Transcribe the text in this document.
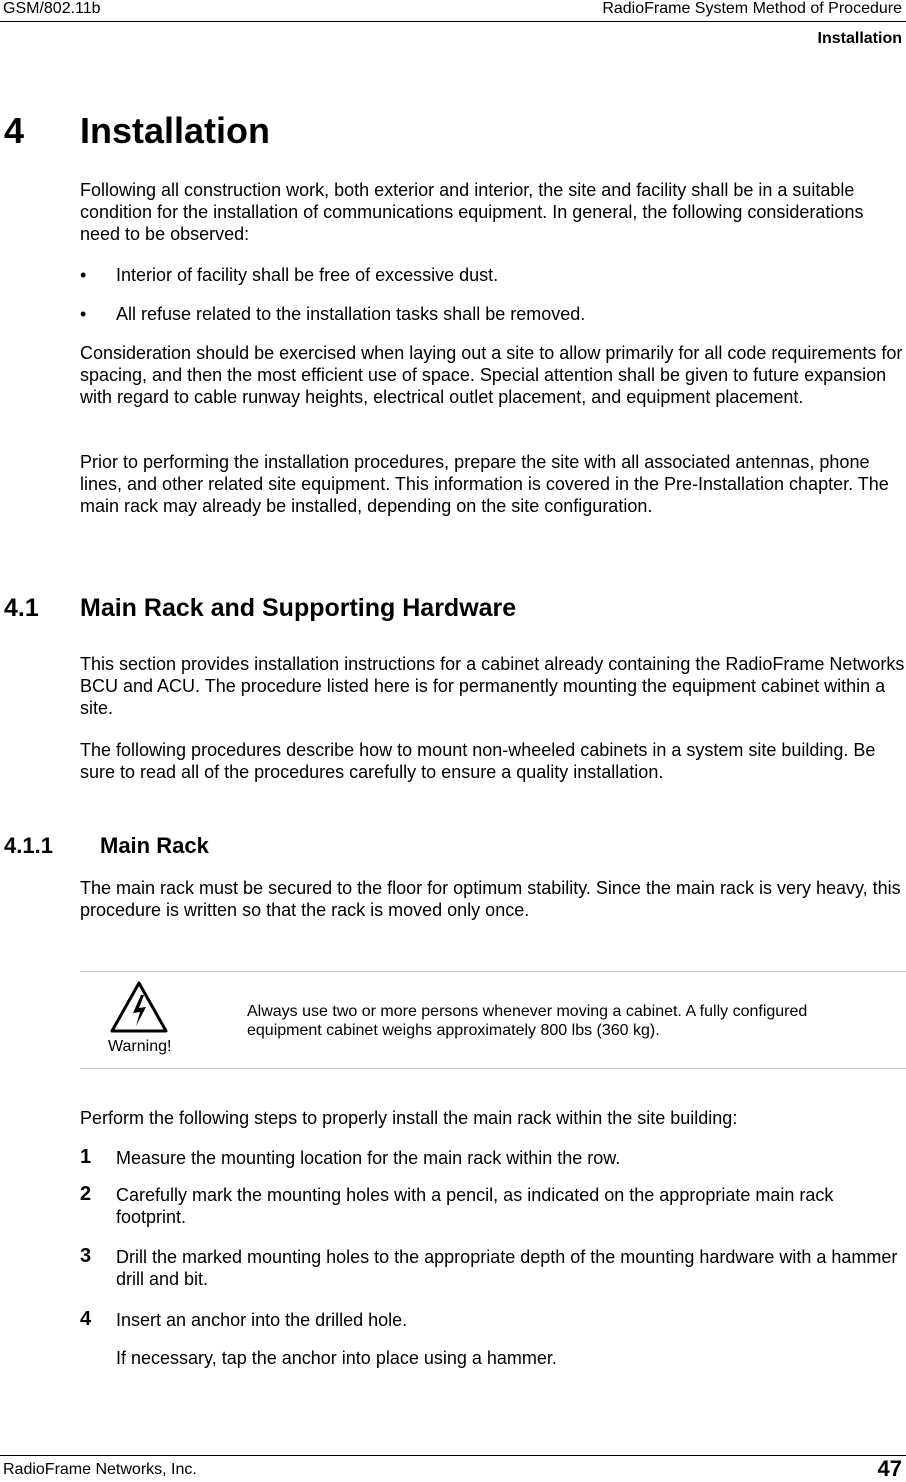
GSM/802.11b	RadioFrame System Method of Procedure
Installation
4 Installation

Following all construction work, both exterior and interior, the site and facility shall be in a suitable condition for the installation of communications equipment. In general, the following considerations need to be observed:

•	Interior of facility shall be free of excessive dust.
•	All refuse related to the installation tasks shall be removed.

Consideration should be exercised when laying out a site to allow primarily for all code requirements for spacing, and then the most efficient use of space. Special attention shall be given to future expansion with regard to cable runway heights, electrical outlet placement, and equipment placement.

Prior to performing the installation procedures, prepare the site with all associated antennas, phone lines, and other related site equipment. This information is covered in the Pre-Installation chapter. The main rack may already be installed, depending on the site configuration.

4.1 Main Rack and Supporting Hardware

This section provides installation instructions for a cabinet already containing the RadioFrame Networks BCU and ACU. The procedure listed here is for permanently mounting the equipment cabinet within a site.

The following procedures describe how to mount non-wheeled cabinets in a system site building. Be sure to read all of the procedures carefully to ensure a quality installation.

4.1.1 Main Rack

The main rack must be secured to the floor for optimum stability. Since the main rack is very heavy, this procedure is written so that the rack is moved only once.

Warning!
Always use two or more persons whenever moving a cabinet. A fully configured equipment cabinet weighs approximately 800 lbs (360 kg).

Perform the following steps to properly install the main rack within the site building:

1 Measure the mounting location for the main rack within the row.
2 Carefully mark the mounting holes with a pencil, as indicated on the appropriate main rack footprint.
3 Drill the marked mounting holes to the appropriate depth of the mounting hardware with a hammer drill and bit.
4 Insert an anchor into the drilled hole.

If necessary, tap the anchor into place using a hammer.

RadioFrame Networks, Inc.	47
